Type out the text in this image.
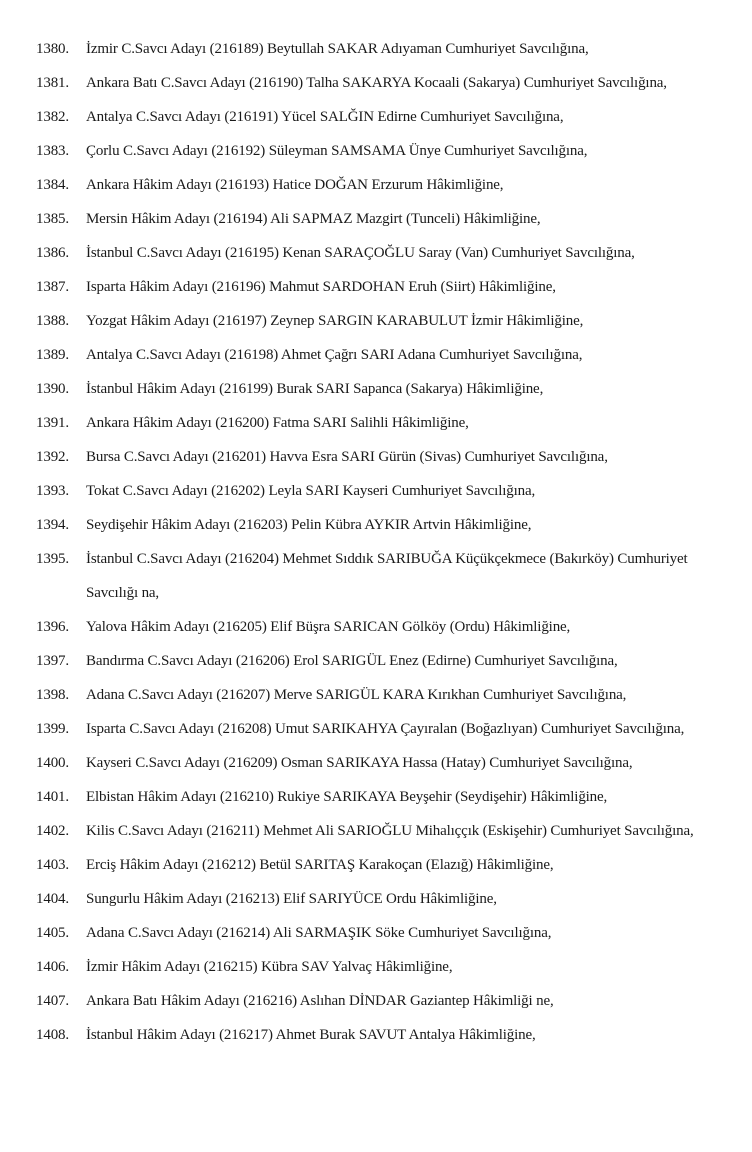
1380.	İzmir C.Savcı Adayı (216189) Beytullah SAKAR Adıyaman Cumhuriyet Savcılığına,
1381.	Ankara Batı C.Savcı Adayı (216190) Talha SAKARYA Kocaali (Sakarya) Cumhuriyet Savcılığına,
1382.	Antalya C.Savcı Adayı (216191) Yücel SALĞIN Edirne Cumhuriyet Savcılığına,
1383.	Çorlu C.Savcı Adayı (216192) Süleyman SAMSAMA Ünye Cumhuriyet Savcılığına,
1384.	Ankara Hâkim Adayı (216193) Hatice DOĞAN Erzurum Hâkimliğine,
1385.	Mersin Hâkim Adayı (216194) Ali SAPMAZ Mazgirt (Tunceli) Hâkimliğine,
1386.	İstanbul C.Savcı Adayı (216195) Kenan SARAÇOĞLU Saray (Van) Cumhuriyet Savcılığına,
1387.	Isparta Hâkim Adayı (216196) Mahmut SARDOHAN Eruh (Siirt) Hâkimliğine,
1388.	Yozgat Hâkim Adayı (216197) Zeynep SARGIN KARABULUT İzmir Hâkimliğine,
1389.	Antalya C.Savcı Adayı (216198) Ahmet Çağrı SARI Adana Cumhuriyet Savcılığına,
1390.	İstanbul Hâkim Adayı (216199) Burak SARI Sapanca (Sakarya) Hâkimliğine,
1391.	Ankara Hâkim Adayı (216200) Fatma SARI Salihli Hâkimliğine,
1392.	Bursa C.Savcı Adayı (216201) Havva Esra SARI Gürün (Sivas) Cumhuriyet Savcılığına,
1393.	Tokat C.Savcı Adayı (216202) Leyla SARI Kayseri Cumhuriyet Savcılığına,
1394.	Seydişehir Hâkim Adayı (216203) Pelin Kübra AYKIR Artvin Hâkimliğine,
1395.	İstanbul C.Savcı Adayı (216204) Mehmet Sıddık SARIBUĞA Küçükçekmece (Bakırköy) Cumhuriyet Savcılığı na,
1396.	Yalova Hâkim Adayı (216205) Elif Büşra SARICAN Gölköy (Ordu) Hâkimliğine,
1397.	Bandırma C.Savcı Adayı (216206) Erol SARIGÜL Enez (Edirne) Cumhuriyet Savcılığına,
1398.	Adana C.Savcı Adayı (216207) Merve SARIGÜL KARA Kırıkhan Cumhuriyet Savcılığına,
1399.	Isparta C.Savcı Adayı (216208) Umut SARIKAHYA Çayıralan (Boğazlıyan) Cumhuriyet Savcılığına,
1400.	Kayseri C.Savcı Adayı (216209) Osman SARIKAYA Hassa (Hatay) Cumhuriyet Savcılığına,
1401.	Elbistan Hâkim Adayı (216210) Rukiye SARIKAYA Beyşehir (Seydişehir) Hâkimliğine,
1402.	Kilis C.Savcı Adayı (216211) Mehmet Ali SARIOĞLU Mihalıççık (Eskişehir) Cumhuriyet Savcılığına,
1403.	Erciş Hâkim Adayı (216212) Betül SARITAŞ Karakoçan (Elazığ) Hâkimliğine,
1404.	Sungurlu Hâkim Adayı (216213) Elif SARIYÜCE Ordu Hâkimliğine,
1405.	Adana C.Savcı Adayı (216214) Ali SARMAŞIK Söke Cumhuriyet Savcılığına,
1406.	İzmir Hâkim Adayı (216215) Kübra SAV Yalvaç Hâkimliğine,
1407.	Ankara Batı Hâkim Adayı (216216) Aslıhan DİNDAR Gaziantep Hâkimliği ne,
1408.	İstanbul Hâkim Adayı (216217) Ahmet Burak SAVUT Antalya Hâkimliğine,
